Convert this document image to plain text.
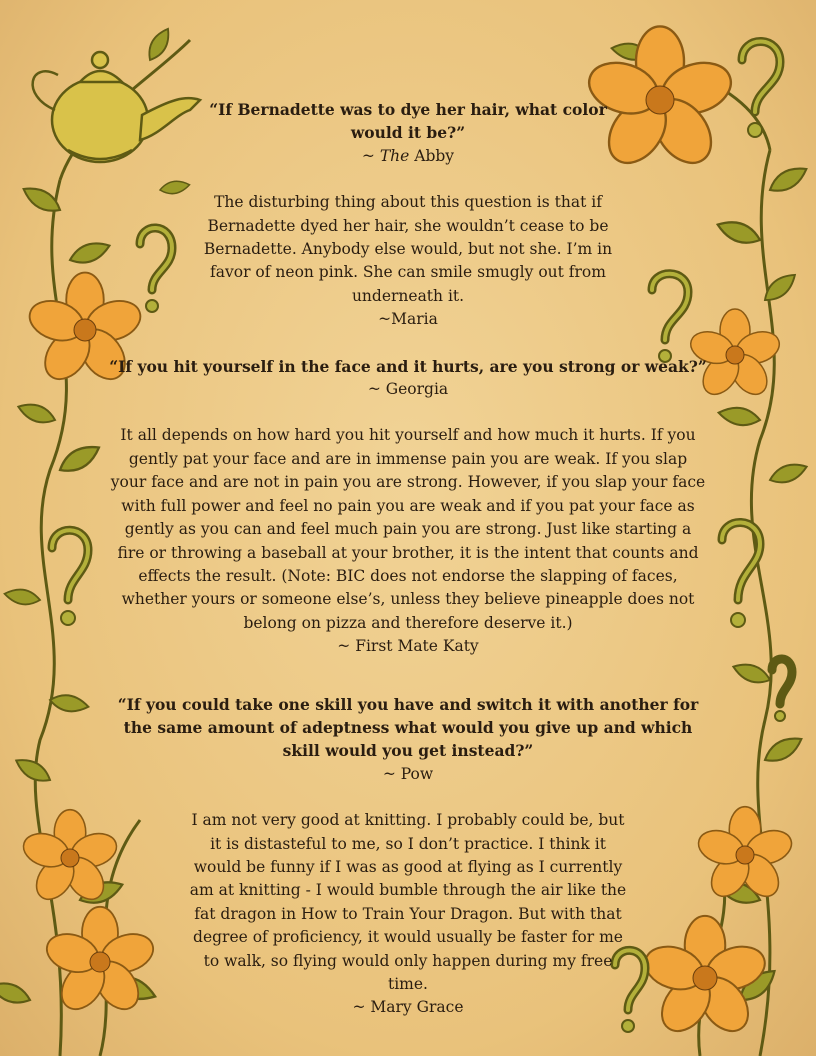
“If Bernadette was to dye her hair, what color would it be?”
~ The Abby
The disturbing thing about this question is that if Bernadette dyed her hair, she wouldn’t cease to be Bernadette. Anybody else would, but not she. I’m in favor of neon pink. She can smile smugly out from underneath it.
~Maria
“If you hit yourself in the face and it hurts, are you strong or weak?”
~ Georgia
It all depends on how hard you hit yourself and how much it hurts. If you gently pat your face and are in immense pain you are weak. If you slap your face and are not in pain you are strong. However, if you slap your face with full power and feel no pain you are weak and if you pat your face as gently as you can and feel much pain you are strong. Just like starting a fire or throwing a baseball at your brother, it is the intent that counts and effects the result. (Note: BIC does not endorse the slapping of faces, whether yours or someone else’s, unless they believe pineapple does not belong on pizza and therefore deserve it.)
~ First Mate Katy
“If you could take one skill you have and switch it with another for the same amount of adeptness what would you give up and which skill would you get instead?”
~ Pow
I am not very good at knitting. I probably could be, but it is distasteful to me, so I don’t practice. I think it would be funny if I was as good at flying as I currently am at knitting - I would bumble through the air like the fat dragon in How to Train Your Dragon. But with that degree of proficiency, it would usually be faster for me to walk, so flying would only happen during my free time.
~ Mary Grace
